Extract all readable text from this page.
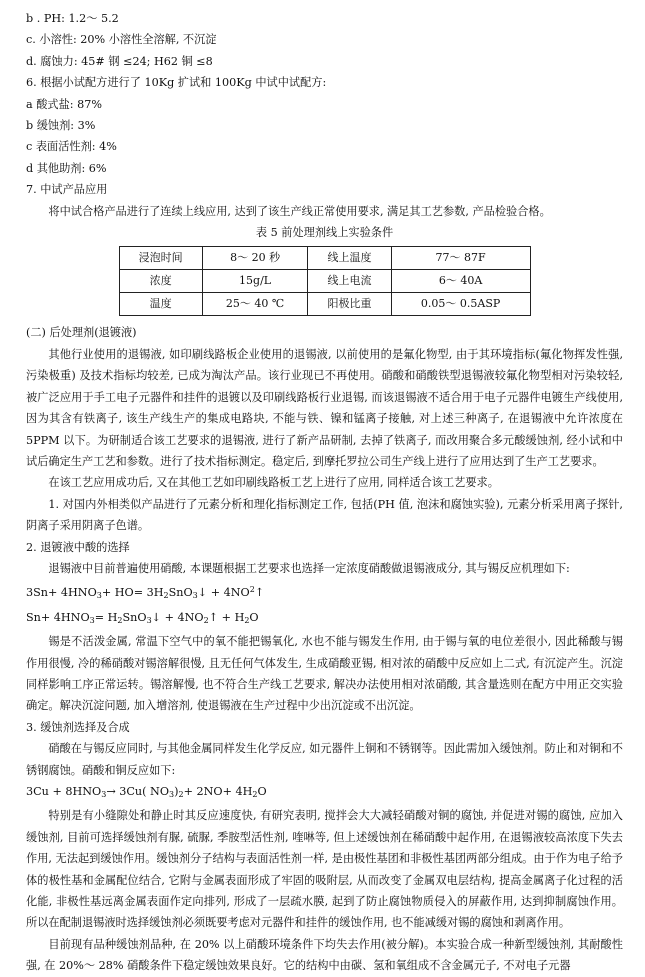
b . PH: 1.2～ 5.2
c. 小溶性: 20% 小溶性全溶解, 不沉淀
d. 腐蚀力: 45# 钢 ≤24; H62 铜 ≤8
6. 根据小试配方进行了 10Kg 扩试和 100Kg 中试中试配方:
a 酸式盐: 87%
b 缓蚀剂: 3%
c 表面活性剂: 4%
d 其他助剂: 6%
7. 中试产品应用

将中试合格产品进行了连续上线应用, 达到了该生产线正常使用要求, 满足其工艺参数, 产品检验合格。

表 5 前处理剂线上实验条件

浸泡时间	8～ 20 秒	线上温度	77～ 87F
浓度	15g/L	线上电流	6～ 40A
温度	25～ 40 ℃	阳极比重	0.05～ 0.5ASP
(二) 后处理剂(退镀液)

其他行业使用的退锡液, 如印刷线路板企业使用的退锡液, 以前使用的是氟化物型, 由于其环境指标(氟化物挥发性强, 污染极重) 及技术指标均较差, 已成为淘汰产品。该行业现已不再使用。硝酸和硝酸铁型退锡液较氟化物型相对污染较轻, 被广泛应用于手工电子元器件和挂件的退镀以及印刷线路板行业退锡, 而该退锡液不适合用于电子元器件电镀生产线使用, 因为其含有铁离子, 该生产线生产的集成电路块, 不能与铁、镍和锰离子接触, 对上述三种离子, 在退锡液中允许浓度在 5PPM 以下。为研制适合该工艺要求的退锡液, 进行了新产品研制, 去掉了铁离子, 而改用聚合多元酸缓蚀剂, 经小试和中试后确定生产工艺和参数。进行了技术指标测定。稳定后, 到摩托罗拉公司生产线上进行了应用达到了生产工艺要求。

在该工艺应用成功后, 又在其他工艺如印刷线路板工艺上进行了应用, 同样适合该工艺要求。

1. 对国内外相类似产品进行了元素分析和理化指标测定工作, 包括(PH 值, 泡沫和腐蚀实验), 元素分析采用离子探针, 阴离子采用阴离子色谱。

2. 退镀液中酸的选择

退锡液中目前普遍使用硝酸, 本课题根据工艺要求也选择一定浓度硝酸做退锡液成分, 其与锡反应机理如下:

$3Sn+ 4HNO_3+ HO=$ $3H_2SnO_3↓$ + $4NO^2↑$
$Sn+ 4HNO_3=$ $H_2SnO_3↓$ + $4NO_2↑ + H_2O$

锡是不活泼金属, 常温下空气中的氧不能把锡氧化, 水也不能与锡发生作用, 由于锡与氧的电位差很小, 因此稀酸与锡作用很慢, 冷的稀硝酸对锡溶解很慢, 且无任何气体发生, 生成硝酸亚锡, 相对浓的硝酸中反应如上二式, 有沉淀产生。沉淀同样影响工序正常运转。锡溶解慢, 也不符合生产线工艺要求, 解决办法使用相对浓硝酸, 其含量选则在配方中用正交实验确定。解决沉淀问题, 加入增溶剂, 使退锡液在生产过程中少出沉淀或不出沉淀。

3. 缓蚀剂选择及合成

硝酸在与锡反应同时, 与其他金属同样发生化学反应, 如元器件上铜和不锈钢等。因此需加入缓蚀剂。防止和对铜和不锈钢腐蚀。硝酸和铜反应如下:

$3Cu + 8HNO_3\to 3Cu$( $NO_3)_2+ 2NO+ 4H_2O$

特别是有小缝隙处和静止时其反应速度快, 有研究表明, 搅拌会大大减轻硝酸对铜的腐蚀, 并促进对锡的腐蚀, 应加入缓蚀剂, 目前可选择缓蚀剂有脲, 硫脲, 季胺型活性剂, 喹啉等, 但上述缓蚀剂在稀硝酸中起作用, 在退锡液较高浓度下失去作用, 无法起到缓蚀作用。缓蚀剂分子结构与表面活性剂一样, 是由极性基团和非极性基团两部分组成。由于作为电子给予体的极性基和金属配位结合, 它附与金属表面形成了牢固的吸附层, 从而改变了金属双电层结构, 提高金属离子化过程的活化能, 非极性基远离金属表面作定向排列, 形成了一层疏水膜, 起到了防止腐蚀物质侵入的屏蔽作用, 达到抑制腐蚀作用。所以在配制退锡液时选择缓蚀剂必须既要考虑对元器件和挂件的缓蚀作用, 也不能减缓对锡的腐蚀和剥离作用。

目前现有品种缓蚀剂品种, 在 20% 以上硝酸环境条件下均失去作用(被分解)。本实验合成一种新型缓蚀剂, 其耐酸性强, 在 20%～ 28% 硝酸条件下稳定缓蚀效果良好。它的结构中由碳、氢和氧组成不含金属元子, 不对电子元器
